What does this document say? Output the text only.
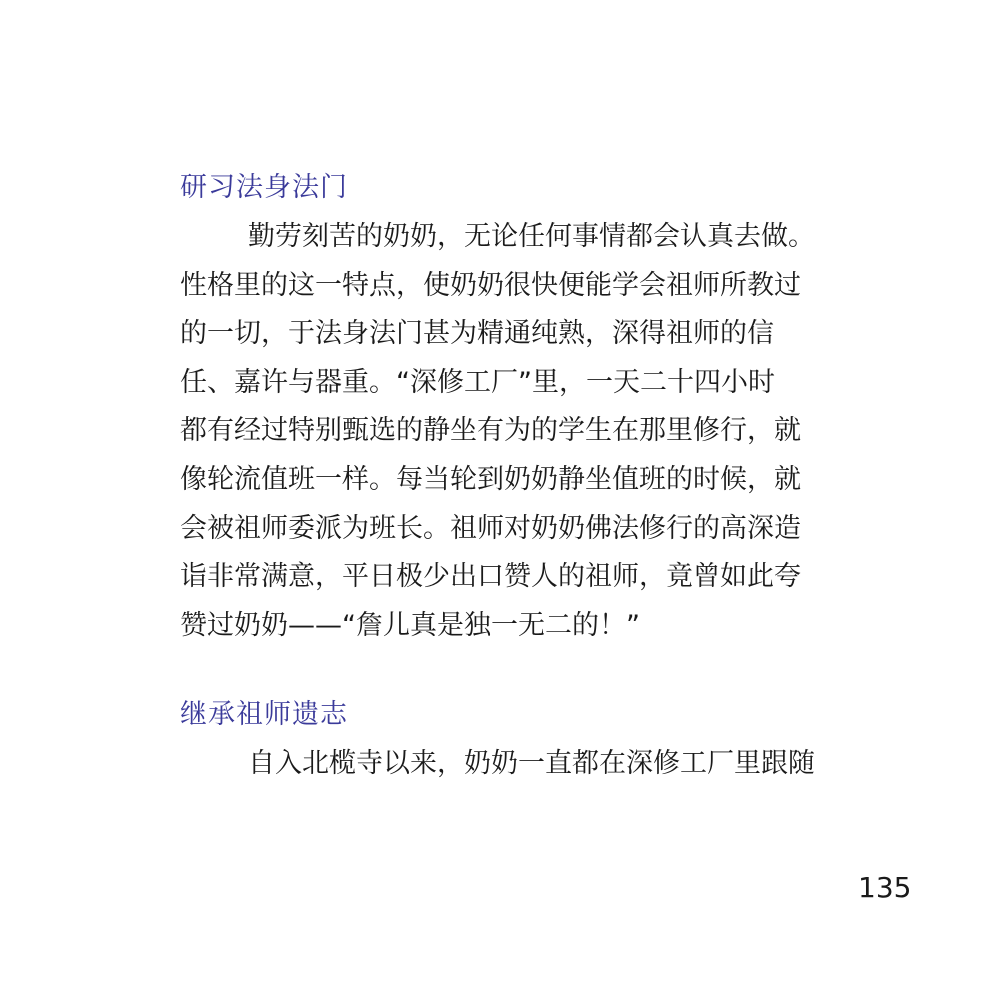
研习法身法门
勤劳刻苦的奶奶，无论任何事情都会认真去做。
性格里的这一特点，使奶奶很快便能学会祖师所教过
的一切，于法身法门甚为精通纯熟，深得祖师的信
任、嘉许与器重。“深修工厂”里，一天二十四小时
都有经过特别甄选的静坐有为的学生在那里修行，就
像轮流值班一样。每当轮到奶奶静坐值班的时候，就
会被祖师委派为班长。祖师对奶奶佛法修行的高深造
诣非常满意，平日极少出口赞人的祖师，竟曾如此夸
赞过奶奶——“詹儿真是独一无二的！”
继承祖师遗志
自入北榄寺以来，奶奶一直都在深修工厂里跟随
135
